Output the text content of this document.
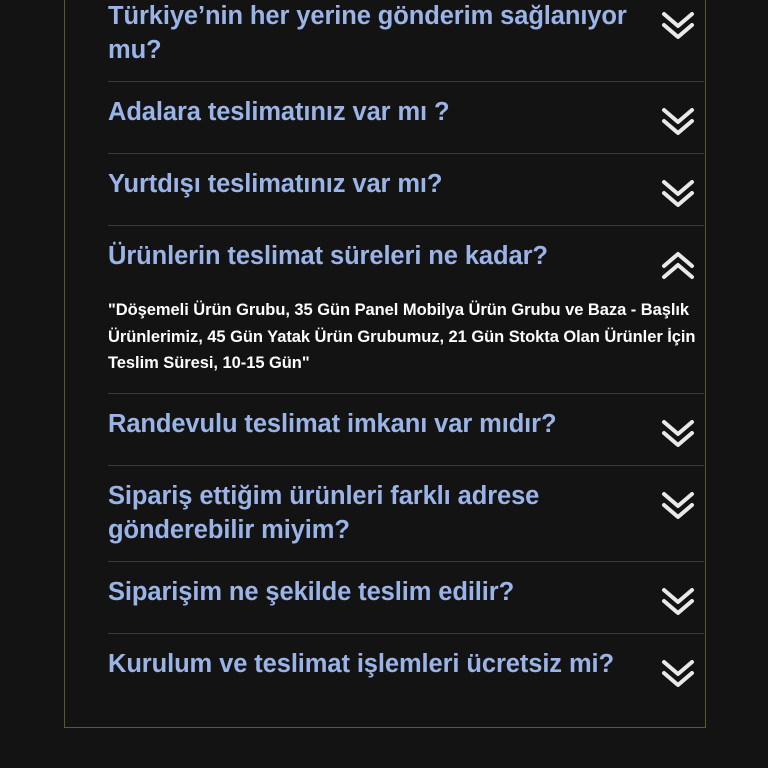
Türkiye’nin her yerine gönderim sağlanıyor mu?
Adalara teslimatınız var mı ?
Yurtdışı teslimatınız var mı?
Ürünlerin teslimat süreleri ne kadar?
"Döşemeli Ürün Grubu, 35 Gün Panel Mobilya Ürün Grubu ve Baza - Başlık Ürünlerimiz, 45 Gün Yatak Ürün Grubumuz, 21 Gün Stokta Olan Ürünler İçin Teslim Süresi, 10-15 Gün"
Randevulu teslimat imkanı var mıdır?
Sipariş ettiğim ürünleri farklı adrese gönderebilir miyim?
Siparişim ne şekilde teslim edilir?
Kurulum ve teslimat işlemleri ücretsiz mi?
